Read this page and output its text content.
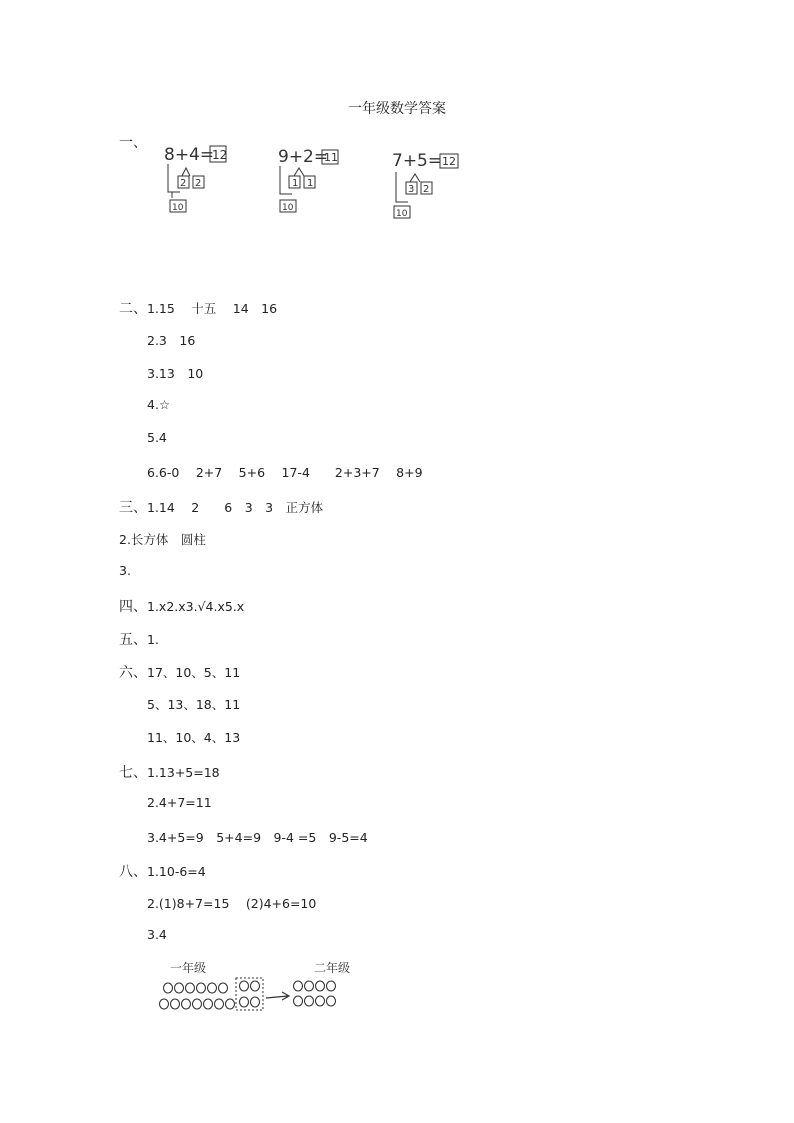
一年级数学答案
一、
8+4=
12
2 2
10
9+2=
11
1 1
10
7+5= 12
3 2
10
二、1.15　 十五　 14　16
2.3　16
3.13　10
4.☆
5.4
6.6-0　 2+7　 5+6　 17-4　　2+3+7　 8+9
三、1.14　 2　　6　3　3　正方体
2.长方体　圆柱
3.
四、1.x2.x3.√4.x5.x
五、1.
六、17、10、5、11
5、13、18、11
11、10、4、13
七、1.13+5=18
2.4+7=11
3.4+5=9　5+4=9　9-4 =5　9-5=4
八、1.10-6=4
2.(1)8+7=15　 (2)4+6=10
3.4
一年级	二年级
